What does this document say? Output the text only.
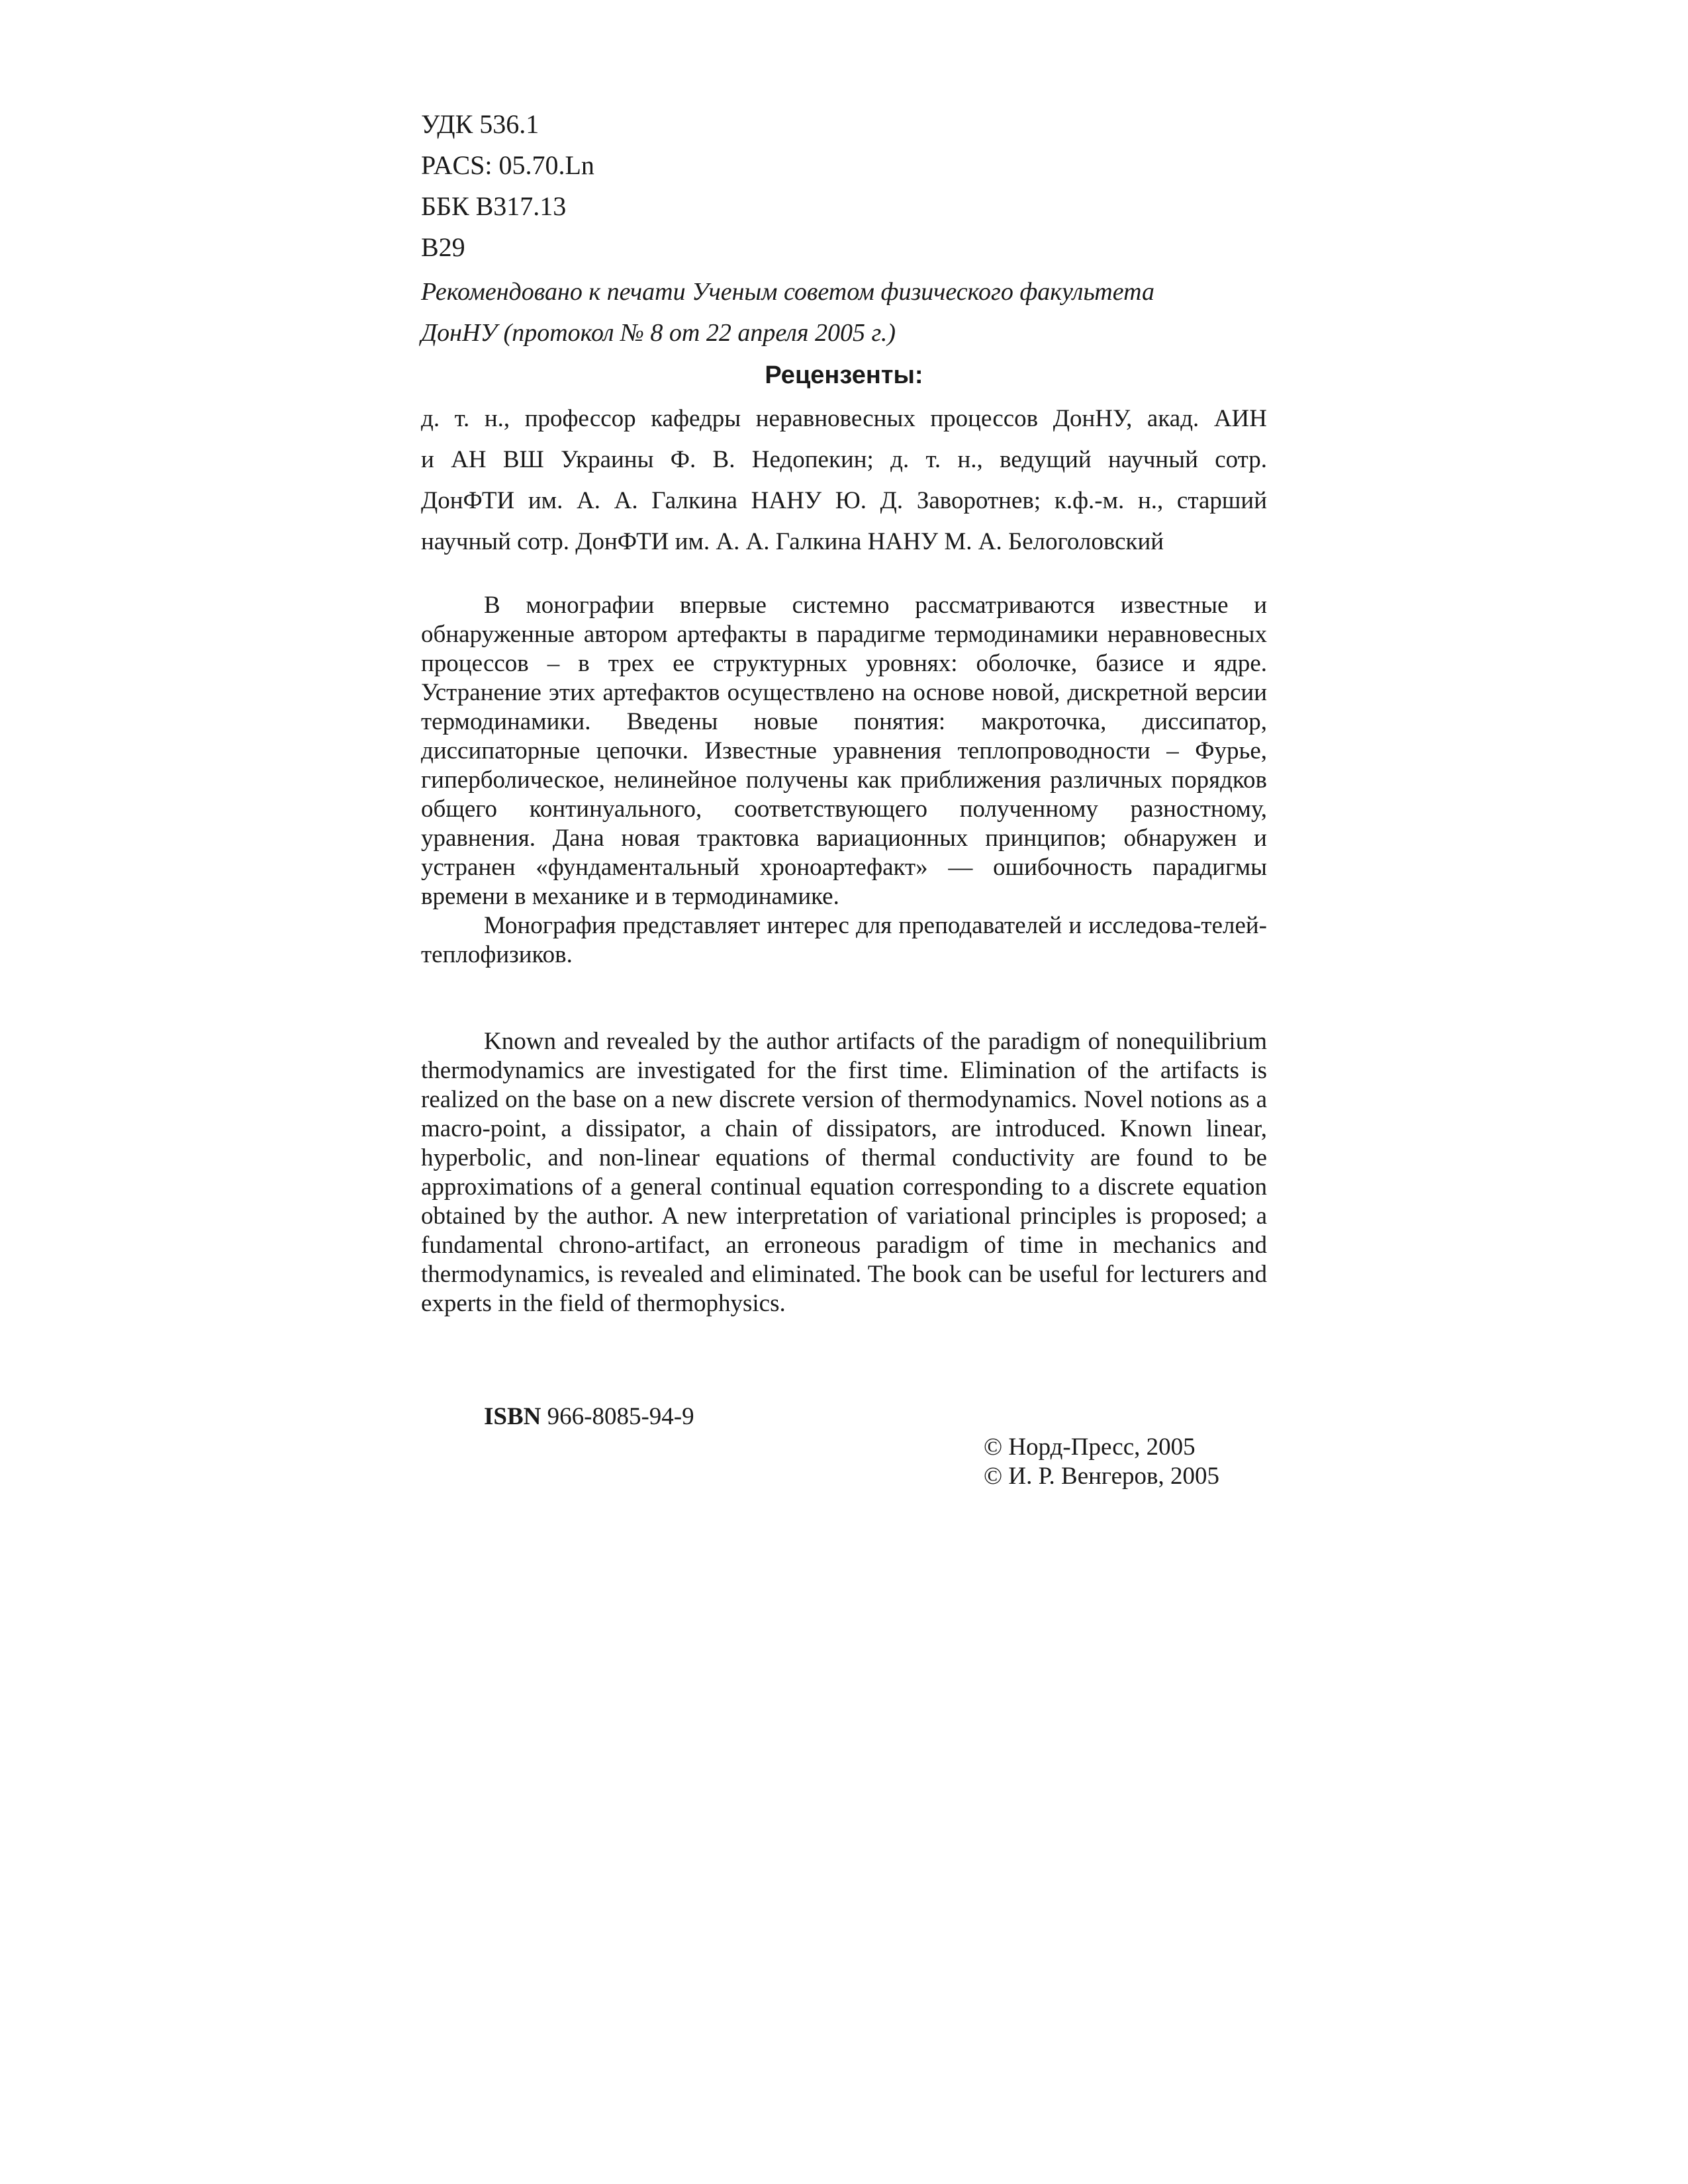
УДК 536.1
PACS: 05.70.Ln
ББК В317.13
В29
Рекомендовано к печати Ученым советом физического факультета
ДонНУ (протокол № 8 от 22 апреля 2005 г.)
Рецензенты:
д. т. н., профессор кафедры неравновесных процессов ДонНУ, акад. АИН
и АН ВШ Украины Ф. В. Недопекин; д. т. н., ведущий научный сотр.
ДонФТИ им. А. А. Галкина НАНУ Ю. Д. Заворотнев; к.ф.-м. н., старший
научный сотр. ДонФТИ им. А. А. Галкина НАНУ М. А. Белоголовский

В монографии впервые системно рассматриваются известные и обнаруженные автором артефакты в парадигме термодинамики неравновесных процессов – в трех ее структурных уровнях: оболочке, базисе и ядре. Устранение этих артефактов осуществлено на основе новой, дискретной версии термодинамики. Введены новые понятия: макроточка, диссипатор, диссипаторные цепочки. Известные уравнения теплопроводности – Фурье, гиперболическое, нелинейное получены как приближения различных порядков общего континуального, соответствующего полученному разностному, уравнения. Дана новая трактовка вариационных принципов; обнаружен и устранен «фундаментальный хроноартефакт» — ошибочность парадигмы времени в механике и в термодинамике.

Монография представляет интерес для преподавателей и исследова-телей-теплофизиков.

Known and revealed by the author artifacts of the paradigm of nonequilibrium thermodynamics are investigated for the first time. Elimination of the artifacts is realized on the base on a new discrete version of thermodynamics. Novel notions as a macro-point, a dissipator, a chain of dissipators, are introduced. Known linear, hyperbolic, and non-linear equations of thermal conductivity are found to be approximations of a general continual equation corresponding to a discrete equation obtained by the author. A new interpretation of variational principles is proposed; a fundamental chrono-artifact, an erroneous paradigm of time in mechanics and thermodynamics, is revealed and eliminated. The book can be useful for lecturers and experts in the field of thermophysics.

ISBN 966-8085-94-9
© Норд-Пресс, 2005
© И. Р. Венгеров, 2005
